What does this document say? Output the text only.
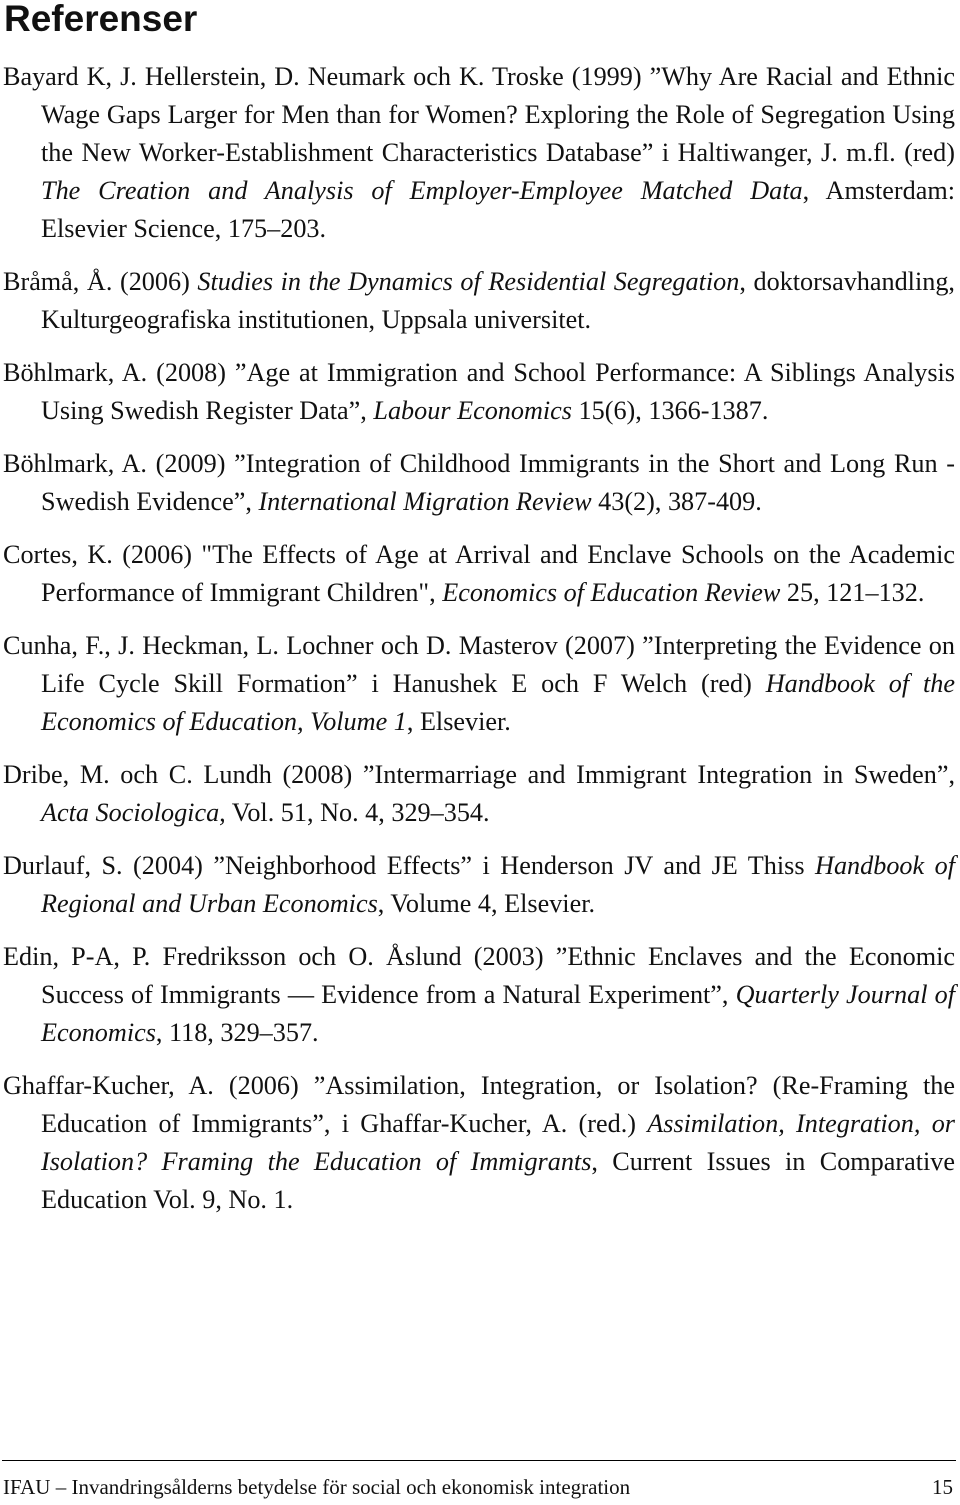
Referenser

Bayard K, J. Hellerstein, D. Neumark och K. Troske (1999) ”Why Are Racial and Ethnic Wage Gaps Larger for Men than for Women? Exploring the Role of Segregation Using the New Worker-Establishment Characteristics Database” i Haltiwanger, J. m.fl. (red) The Creation and Analysis of Employer-Employee Matched Data, Amsterdam: Elsevier Science, 175–203.

Bråmå, Å. (2006) Studies in the Dynamics of Residential Segregation, doktorsavhandling, Kulturgeografiska institutionen, Uppsala universitet.

Böhlmark, A. (2008) ”Age at Immigration and School Performance: A Siblings Analysis Using Swedish Register Data”, Labour Economics 15(6), 1366-1387.

Böhlmark, A. (2009) ”Integration of Childhood Immigrants in the Short and Long Run -Swedish Evidence”, International Migration Review 43(2), 387-409.

Cortes, K. (2006) "The Effects of Age at Arrival and Enclave Schools on the Academic Performance of Immigrant Children", Economics of Education Review 25, 121–132.

Cunha, F., J. Heckman, L. Lochner och D. Masterov (2007) ”Interpreting the Evidence on Life Cycle Skill Formation” i Hanushek E och F Welch (red) Handbook of the Economics of Education, Volume 1, Elsevier.

Dribe, M. och C. Lundh (2008) ”Intermarriage and Immigrant Integration in Sweden”, Acta Sociologica, Vol. 51, No. 4, 329–354.

Durlauf, S. (2004) ”Neighborhood Effects” i Henderson JV and JE Thiss Handbook of Regional and Urban Economics, Volume 4, Elsevier.

Edin, P-A, P. Fredriksson och O. Åslund (2003) ”Ethnic Enclaves and the Economic Success of Immigrants — Evidence from a Natural Experiment”, Quarterly Journal of Economics, 118, 329–357.

Ghaffar-Kucher, A. (2006) ”Assimilation, Integration, or Isolation? (Re-Framing the Education of Immigrants”, i Ghaffar-Kucher, A. (red.) Assimilation, Integration, or Isolation? Framing the Education of Immigrants, Current Issues in Comparative Education Vol. 9, No. 1.

IFAU – Invandringsålderns betydelse för social och ekonomisk integration	15
